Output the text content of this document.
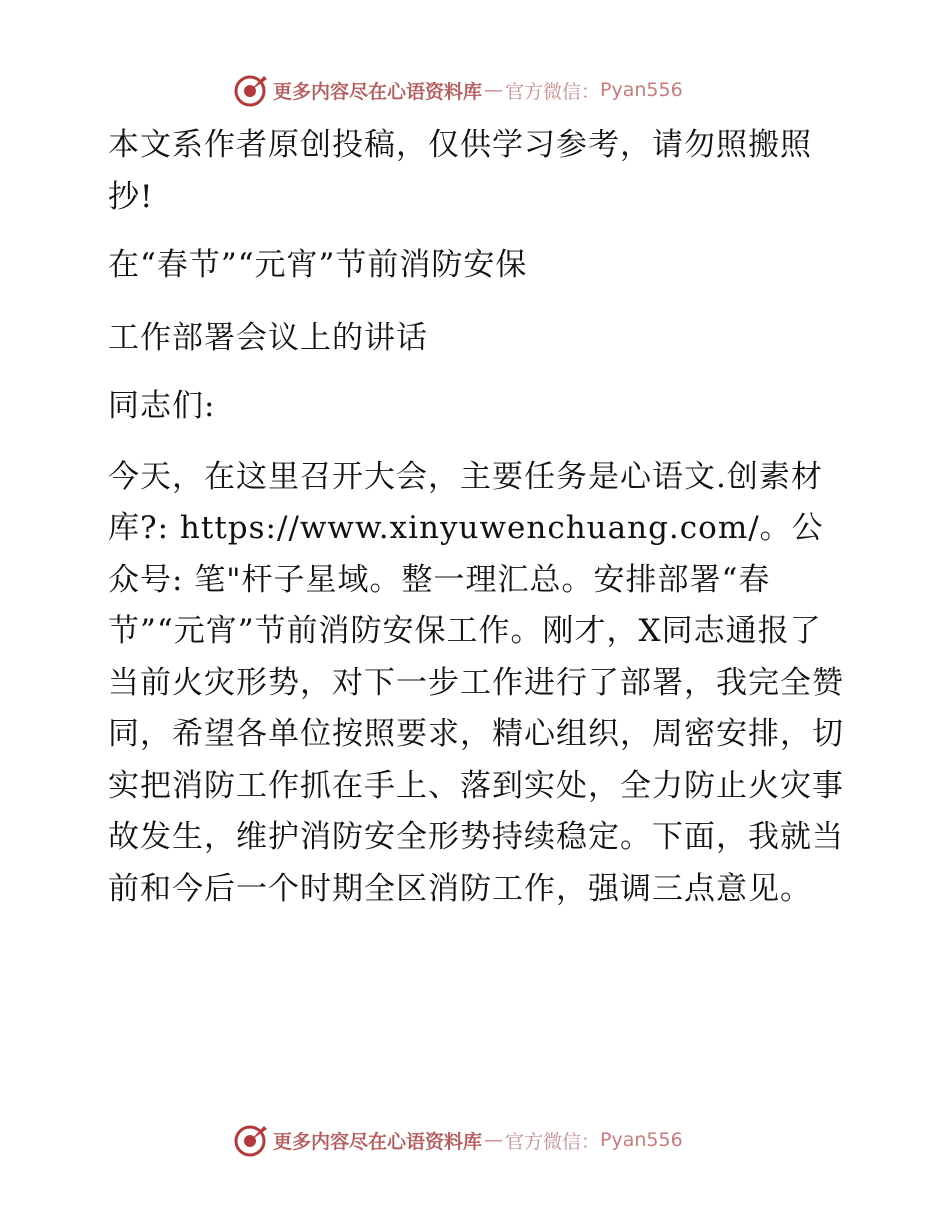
更多内容尽在心语资料库 — 官方微信： Pyan556

本文系作者原创投稿，仅供学习参考，请勿照搬照抄!

在“春节”“元宵”节前消防安保

工作部署会议上的讲话

同志们:

今天，在这里召开大会，主要任务是心语文.创素材库?: https://www.xinyuwenchuang.com/。公众号: 笔"杆子星域。整一理汇总。安排部署“春节”“元宵”节前消防安保工作。刚才，X同志通报了当前火灾形势，对下一步工作进行了部署，我完全赞同，希望各单位按照要求，精心组织，周密安排，切实把消防工作抓在手上、落到实处，全力防止火灾事故发生，维护消防安全形势持续稳定。下面，我就当前和今后一个时期全区消防工作，强调三点意见。

更多内容尽在心语资料库 — 官方微信： Pyan556
